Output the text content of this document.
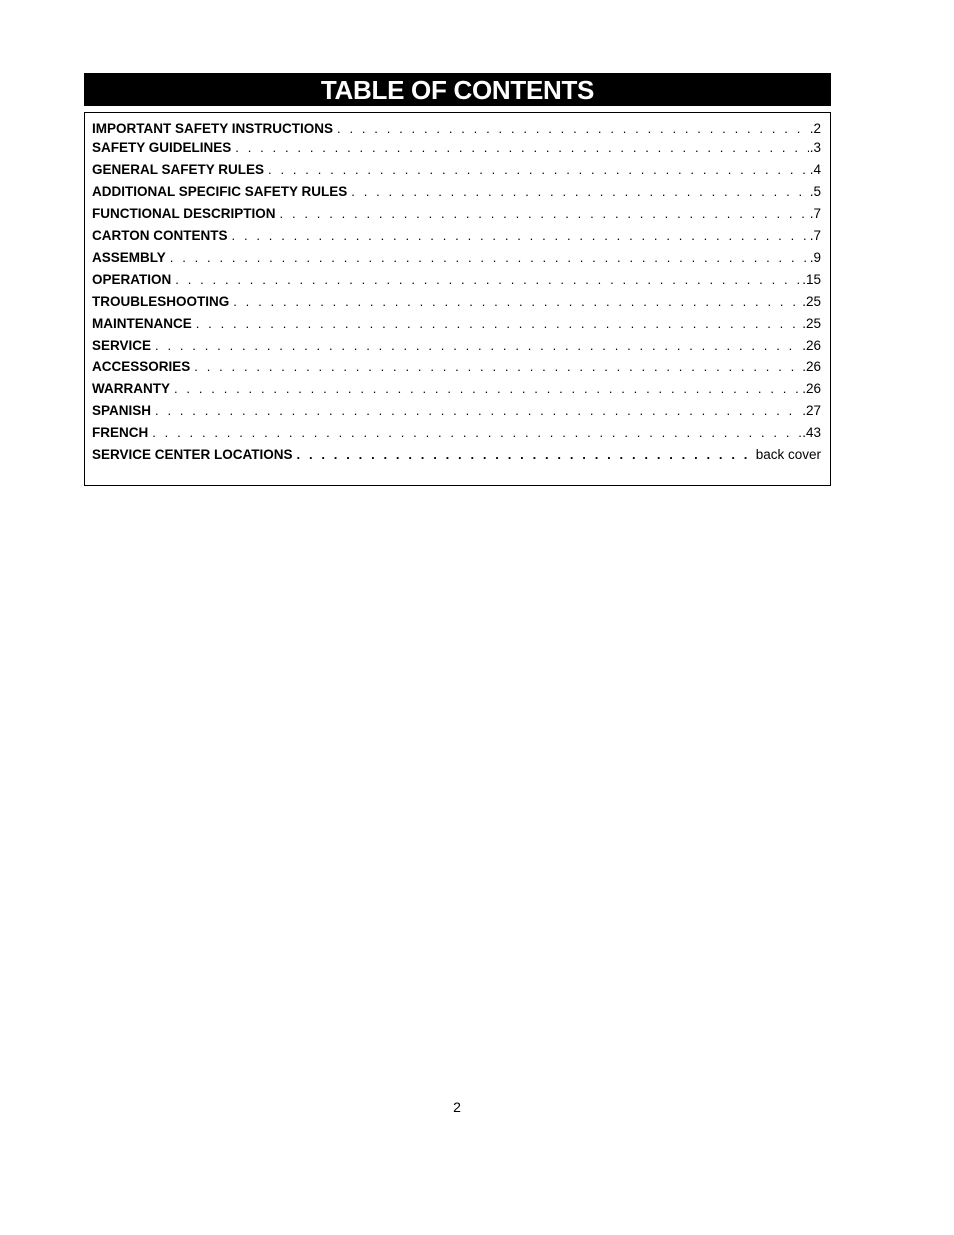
TABLE OF CONTENTS
IMPORTANT SAFETY INSTRUCTIONS . . .	.2
SAFETY GUIDELINES . . .	.3
GENERAL SAFETY RULES . . .	.4
ADDITIONAL SPECIFIC SAFETY RULES . . .	.5
FUNCTIONAL DESCRIPTION . . .	.7
CARTON CONTENTS . . .	.7
ASSEMBLY . . .	.9
OPERATION . . .	.15
TROUBLESHOOTING . . .	.25
MAINTENANCE . . .	.25
SERVICE . . .	.26
ACCESSORIES . . .	.26
WARRANTY . . .	.26
SPANISH . . .	.27
FRENCH . . .	.43
SERVICE CENTER LOCATIONS . . .	back cover
2
